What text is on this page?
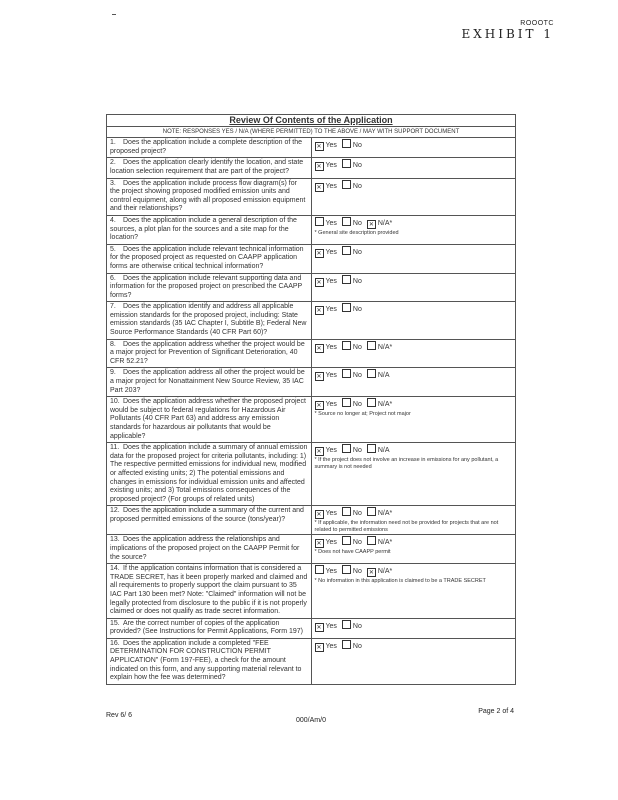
ROOOTC
EXHIBIT 1
Review Of Contents of the Application	
NOTE: RESPONSES YES / N/A (WHERE PERMITTED) TO THE ABOVE / MAY WITH SUPPORT DOCUMENT	
1. Does the application include a complete description of the proposed project?	✕Yes No
2. Does the application clearly identify the location, and state location selection requirement that are part of the project?	✕Yes No
3. Does the application include process flow diagram(s) for the project showing proposed modified emission units and control equipment, along with all proposed emission equipment and their relationships?	✕Yes No
4. Does the application include a general description of the sources, a plot plan for the sources and a site map for the location?	Yes No ✕ N/A*
* General site description provided

5. Does the application include relevant technical information for the proposed project as requested on CAAPP application forms are otherwise critical technical information?	✕Yes No
6. Does the application include relevant supporting data and information for the proposed project on prescribed the CAAPP forms?	✕Yes No
7. Does the application identify and address all applicable emission standards for the proposed project, including: State emission standards (35 IAC Chapter I, Subtitle B); Federal New Source Performance Standards (40 CFR Part 60)?	✕Yes No
8. Does the application address whether the project would be a major project for Prevention of Significant Deterioration, 40 CFR 52.21?	✕Yes No N/A*
9. Does the application address all other the project would be a major project for Nonattainment New Source Review, 35 IAC Part 203?	✕Yes No N/A
10. Does the application address whether the proposed project would be subject to federal regulations for Hazardous Air Pollutants (40 CFR Part 63) and address any emission standards for hazardous air pollutants that would be applicable?	✕Yes No N/A*
* Source no longer at; Project not major

11. Does the application include a summary of annual emission data for the proposed project for criteria pollutants, including: 1) The respective permitted emissions for individual new, modified or affected existing units; 2) The potential emissions and changes in emissions for individual emission units and affected existing units; and 3) Total emissions consequences of the proposed project? (For groups of related units)	✕Yes No N/A
* If the project does not involve an increase in emissions for any pollutant, a summary is not needed

12. Does the application include a summary of the current and proposed permitted emissions of the source (tons/year)?	✕Yes No N/A*
* If applicable, the information need not be provided for projects that are not related to permitted emissions

13. Does the application address the relationships and implications of the proposed project on the CAAPP Permit for the source?	✕Yes No N/A*
* Does not have CAAPP permit

14. If the application contains information that is considered a TRADE SECRET, has it been properly marked and claimed and all requirements to properly support the claim pursuant to 35 IAC Part 130 been met? Note: "Claimed" information will not be legally protected from disclosure to the public if it is not properly claimed or does not qualify as trade secret information.	Yes No ✕ N/A*
* No information in this application is claimed to be a TRADE SECRET

15. Are the correct number of copies of the application provided? (See Instructions for Permit Applications, Form 197)	✕Yes No
16. Does the application include a completed "FEE DETERMINATION FOR CONSTRUCTION PERMIT APPLICATION" (Form 197-FEE), a check for the amount indicated on this form, and any supporting material relevant to explain how the fee was determined?	✕Yes No
Rev 6/ 6
000/Am/0
Page 2 of 4
